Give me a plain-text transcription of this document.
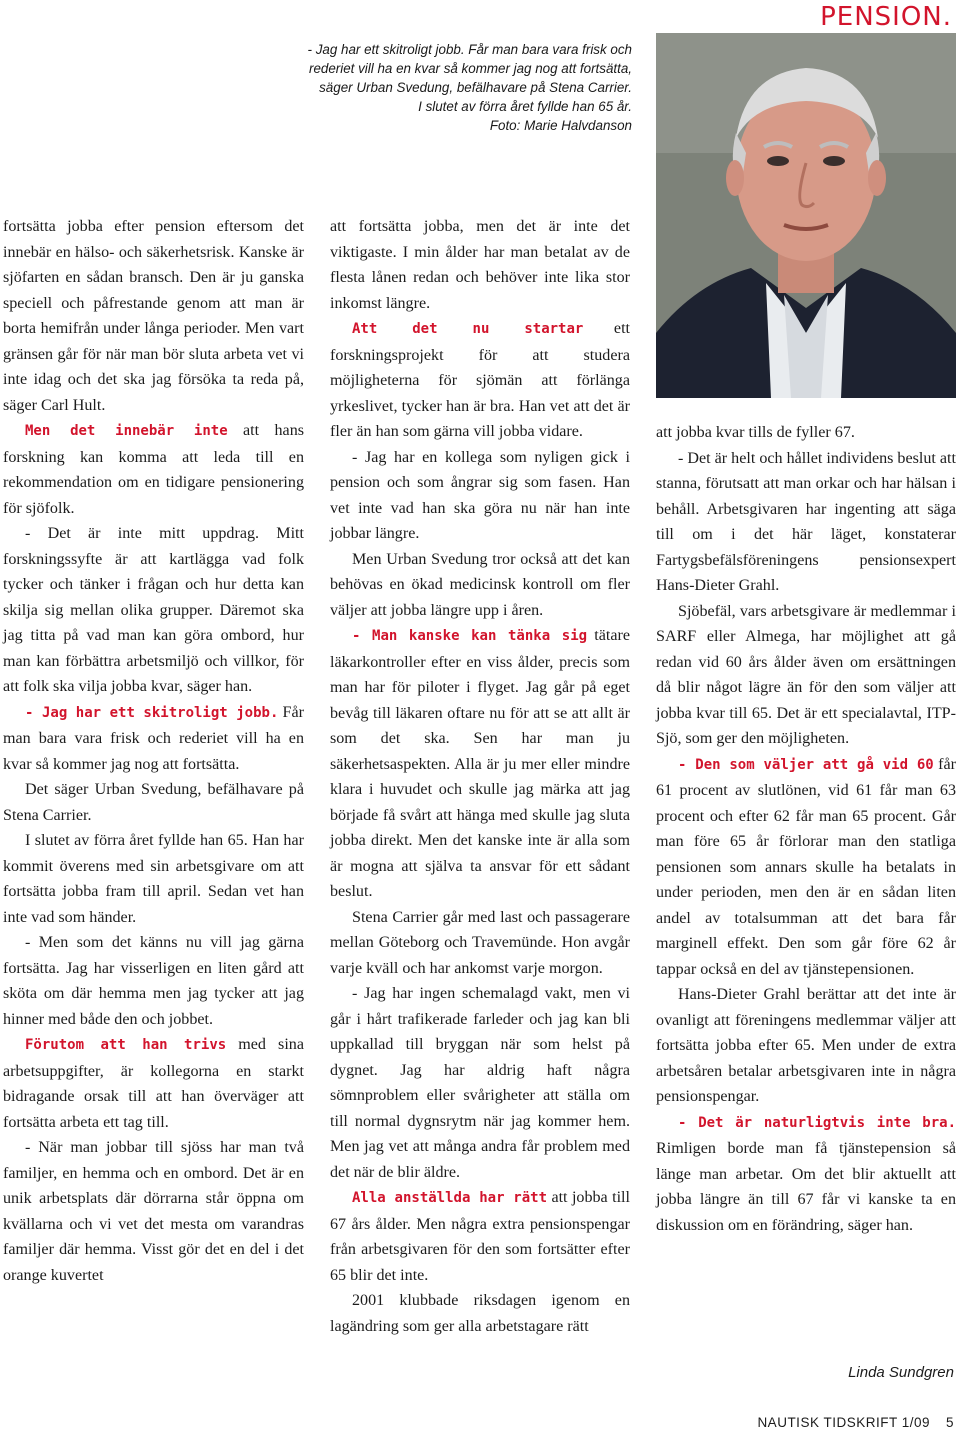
PENSION.

- Jag har ett skitroligt jobb. Får man bara vara frisk och

rederiet vill ha en kvar så kommer jag nog att fortsätta,

säger Urban Svedung, befälhavare på Stena Carrier.

I slutet av förra året fyllde han 65 år.

Foto: Marie Halvdanson

fortsätta jobba efter pension eftersom det innebär en hälso- och säkerhetsrisk. Kanske är sjöfarten en sådan bransch. Den är ju ganska speciell och påfrestande genom att man är borta hemifrån under långa perioder. Men vart gränsen går för när man bör sluta arbeta vet vi inte idag och det ska jag försöka ta reda på, säger Carl Hult.

Men det innebär inte att hans forskning kan komma att leda till en rekommendation om en tidigare pensionering för sjöfolk.

- Det är inte mitt uppdrag. Mitt forskningssyfte är att kartlägga vad folk tycker och tänker i frågan och hur detta kan skilja sig mellan olika grupper. Däremot ska jag titta på vad man kan göra ombord, hur man kan förbättra arbetsmiljö och villkor, för att folk ska vilja jobba kvar, säger han.

- Jag har ett skitroligt jobb. Får man bara vara frisk och rederiet vill ha en kvar så kommer jag nog att fortsätta.

Det säger Urban Svedung, befälhavare på Stena Carrier.

I slutet av förra året fyllde han 65. Han har kommit överens med sin arbetsgivare om att fortsätta jobba fram till april. Sedan vet han inte vad som händer.

- Men som det känns nu vill jag gärna fortsätta. Jag har visserligen en liten gård att sköta om där hemma men jag tycker att jag hinner med både den och jobbet.

Förutom att han trivs med sina arbetsuppgifter, är kollegorna en starkt bidragande orsak till att han överväger att fortsätta arbeta ett tag till.

- När man jobbar till sjöss har man två familjer, en hemma och en ombord. Det är en unik arbetsplats där dörrarna står öppna om kvällarna och vi vet det mesta om varandras familjer där hemma. Visst gör det en del i det orange kuvertet

att fortsätta jobba, men det är inte det viktigaste. I min ålder har man betalat av de flesta lånen redan och behöver inte lika stor inkomst längre.

Att det nu startar ett forskningsprojekt för att studera möjligheterna för sjömän att förlänga yrkeslivet, tycker han är bra. Han vet att det är fler än han som gärna vill jobba vidare.

- Jag har en kollega som nyligen gick i pension och som ångrar sig som fasen. Han vet inte vad han ska göra nu när han inte jobbar längre.

Men Urban Svedung tror också att det kan behövas en ökad medicinsk kontroll om fler väljer att jobba längre upp i åren.

- Man kanske kan tänka sig tätare läkarkontroller efter en viss ålder, precis som man har för piloter i flyget. Jag går på eget bevåg till läkaren oftare nu för att se att allt är som det ska. Sen har man ju säkerhetsaspekten. Alla är ju mer eller mindre klara i huvudet och skulle jag märka att jag började få svårt att hänga med skulle jag sluta jobba direkt. Men det kanske inte är alla som är mogna att själva ta ansvar för ett sådant beslut.

Stena Carrier går med last och passagerare mellan Göteborg och Travemünde. Hon avgår varje kväll och har ankomst varje morgon.

- Jag har ingen schemalagd vakt, men vi går i hårt trafikerade farleder och jag kan bli uppkallad till bryggan när som helst på dygnet. Jag har aldrig haft några sömnproblem eller svårigheter att ställa om till normal dygnsrytm när jag kommer hem. Men jag vet att många andra får problem med det när de blir äldre.

Alla anställda har rätt att jobba till 67 års ålder. Men några extra pensionspengar från arbetsgivaren för den som fortsätter efter 65 blir det inte.

2001 klubbade riksdagen igenom en lagändring som ger alla arbetstagare rätt

att jobba kvar tills de fyller 67.

- Det är helt och hållet individens beslut att stanna, förutsatt att man orkar och har hälsan i behåll. Arbetsgivaren har ingenting att säga till om i det här läget, konstaterar Fartygsbefälsföreningens pensionsexpert Hans-Dieter Grahl.

Sjöbefäl, vars arbetsgivare är medlemmar i SARF eller Almega, har möjlighet att gå redan vid 60 års ålder även om ersättningen då blir något lägre än för den som väljer att jobba kvar till 65. Det är ett specialavtal, ITP-Sjö, som ger den möjligheten.

- Den som väljer att gå vid 60 får 61 procent av slutlönen, vid 61 får man 63 procent och efter 62 får man 65 procent. Går man före 65 år förlorar man den statliga pensionen som annars skulle ha betalats in under perioden, men den är en sådan liten andel av totalsumman att det bara får marginell effekt. Den som går före 62 år tappar också en del av tjänstepensionen.

Hans-Dieter Grahl berättar att det inte är ovanligt att föreningens medlemmar väljer att fortsätta jobba efter 65. Men under de extra arbetsåren betalar arbetsgivaren inte in några pensionspengar.

- Det är naturligtvis inte bra. Rimligen borde man få tjänstepension så länge man arbetar. Om det blir aktuellt att jobba längre än till 67 får vi kanske ta en diskussion om en förändring, säger han.

Linda Sundgren

NAUTISK TIDSKRIFT 1/09 5
